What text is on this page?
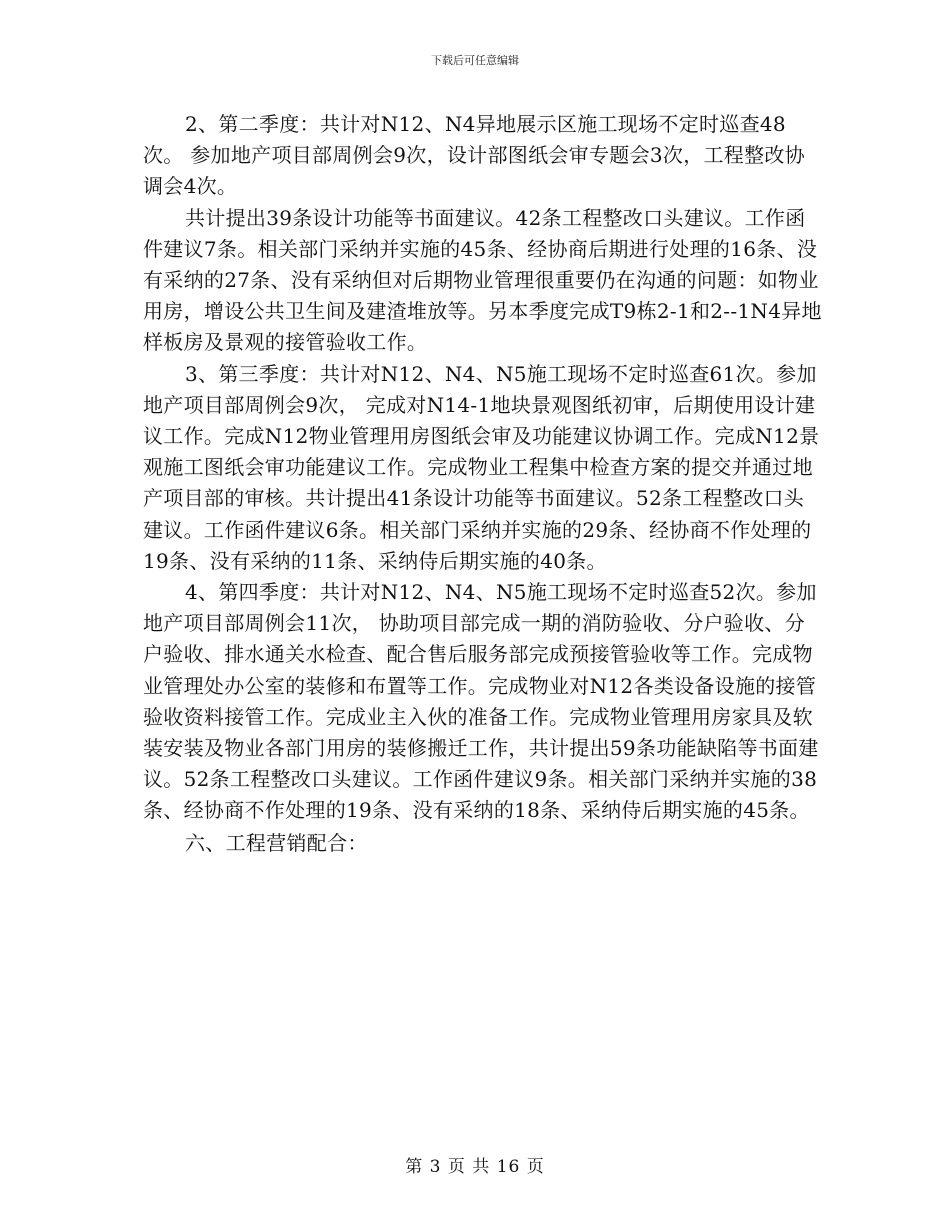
下载后可任意编辑

2、第二季度：共计对N12、N4异地展示区施工现场不定时巡查48次。 参加地产项目部周例会9次，设计部图纸会审专题会3次，工程整改协调会4次。

共计提出39条设计功能等书面建议。42条工程整改口头建议。工作函件建议7条。相关部门采纳并实施的45条、经协商后期进行处理的16条、没有采纳的27条、没有采纳但对后期物业管理很重要仍在沟通的问题：如物业用房，增设公共卫生间及建渣堆放等。另本季度完成T9栋2-1和2--1N4异地样板房及景观的接管验收工作。

3、第三季度：共计对N12、N4、N5施工现场不定时巡查61次。参加地产项目部周例会9次， 完成对N14-1地块景观图纸初审，后期使用设计建议工作。完成N12物业管理用房图纸会审及功能建议协调工作。完成N12景观施工图纸会审功能建议工作。完成物业工程集中检查方案的提交并通过地产项目部的审核。共计提出41条设计功能等书面建议。52条工程整改口头建议。工作函件建议6条。相关部门采纳并实施的29条、经协商不作处理的19条、没有采纳的11条、采纳侍后期实施的40条。

4、第四季度：共计对N12、N4、N5施工现场不定时巡查52次。参加地产项目部周例会11次， 协助项目部完成一期的消防验收、分户验收、分户验收、排水通关水检查、配合售后服务部完成预接管验收等工作。完成物业管理处办公室的装修和布置等工作。完成物业对N12各类设备设施的接管验收资料接管工作。完成业主入伙的准备工作。完成物业管理用房家具及软装安装及物业各部门用房的装修搬迁工作，共计提出59条功能缺陷等书面建议。52条工程整改口头建议。工作函件建议9条。相关部门采纳并实施的38条、经协商不作处理的19条、没有采纳的18条、采纳侍后期实施的45条。

六、工程营销配合：

第 3 页 共 16 页
